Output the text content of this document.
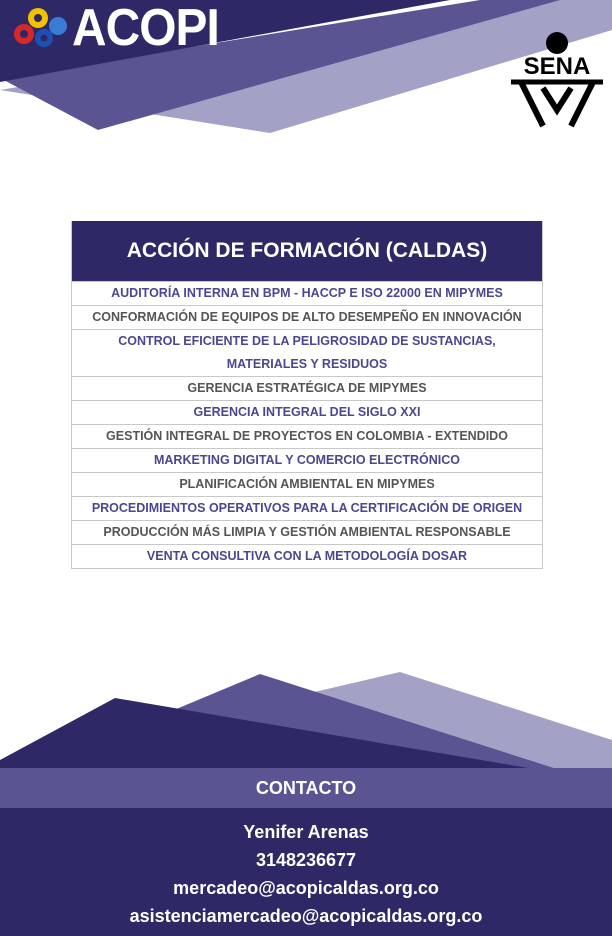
ACOPI
SENA
ACCIÓN DE FORMACIÓN (CALDAS)
AUDITORÍA INTERNA EN BPM - HACCP E ISO 22000 EN MIPYMES
CONFORMACIÓN DE EQUIPOS DE ALTO DESEMPEÑO EN INNOVACIÓN
CONTROL EFICIENTE DE LA PELIGROSIDAD DE SUSTANCIAS, MATERIALES Y RESIDUOS
GERENCIA ESTRATÉGICA DE MIPYMES
GERENCIA INTEGRAL DEL SIGLO XXI
GESTIÓN INTEGRAL DE PROYECTOS EN COLOMBIA - EXTENDIDO
MARKETING DIGITAL Y COMERCIO ELECTRÓNICO
PLANIFICACIÓN AMBIENTAL EN MIPYMES
PROCEDIMIENTOS OPERATIVOS PARA LA CERTIFICACIÓN DE ORIGEN
PRODUCCIÓN MÁS LIMPIA Y GESTIÓN AMBIENTAL RESPONSABLE
VENTA CONSULTIVA CON LA METODOLOGÍA DOSAR
CONTACTO
Yenifer Arenas
3148236677
mercadeo@acopicaldas.org.co
asistenciamercadeo@acopicaldas.org.co
